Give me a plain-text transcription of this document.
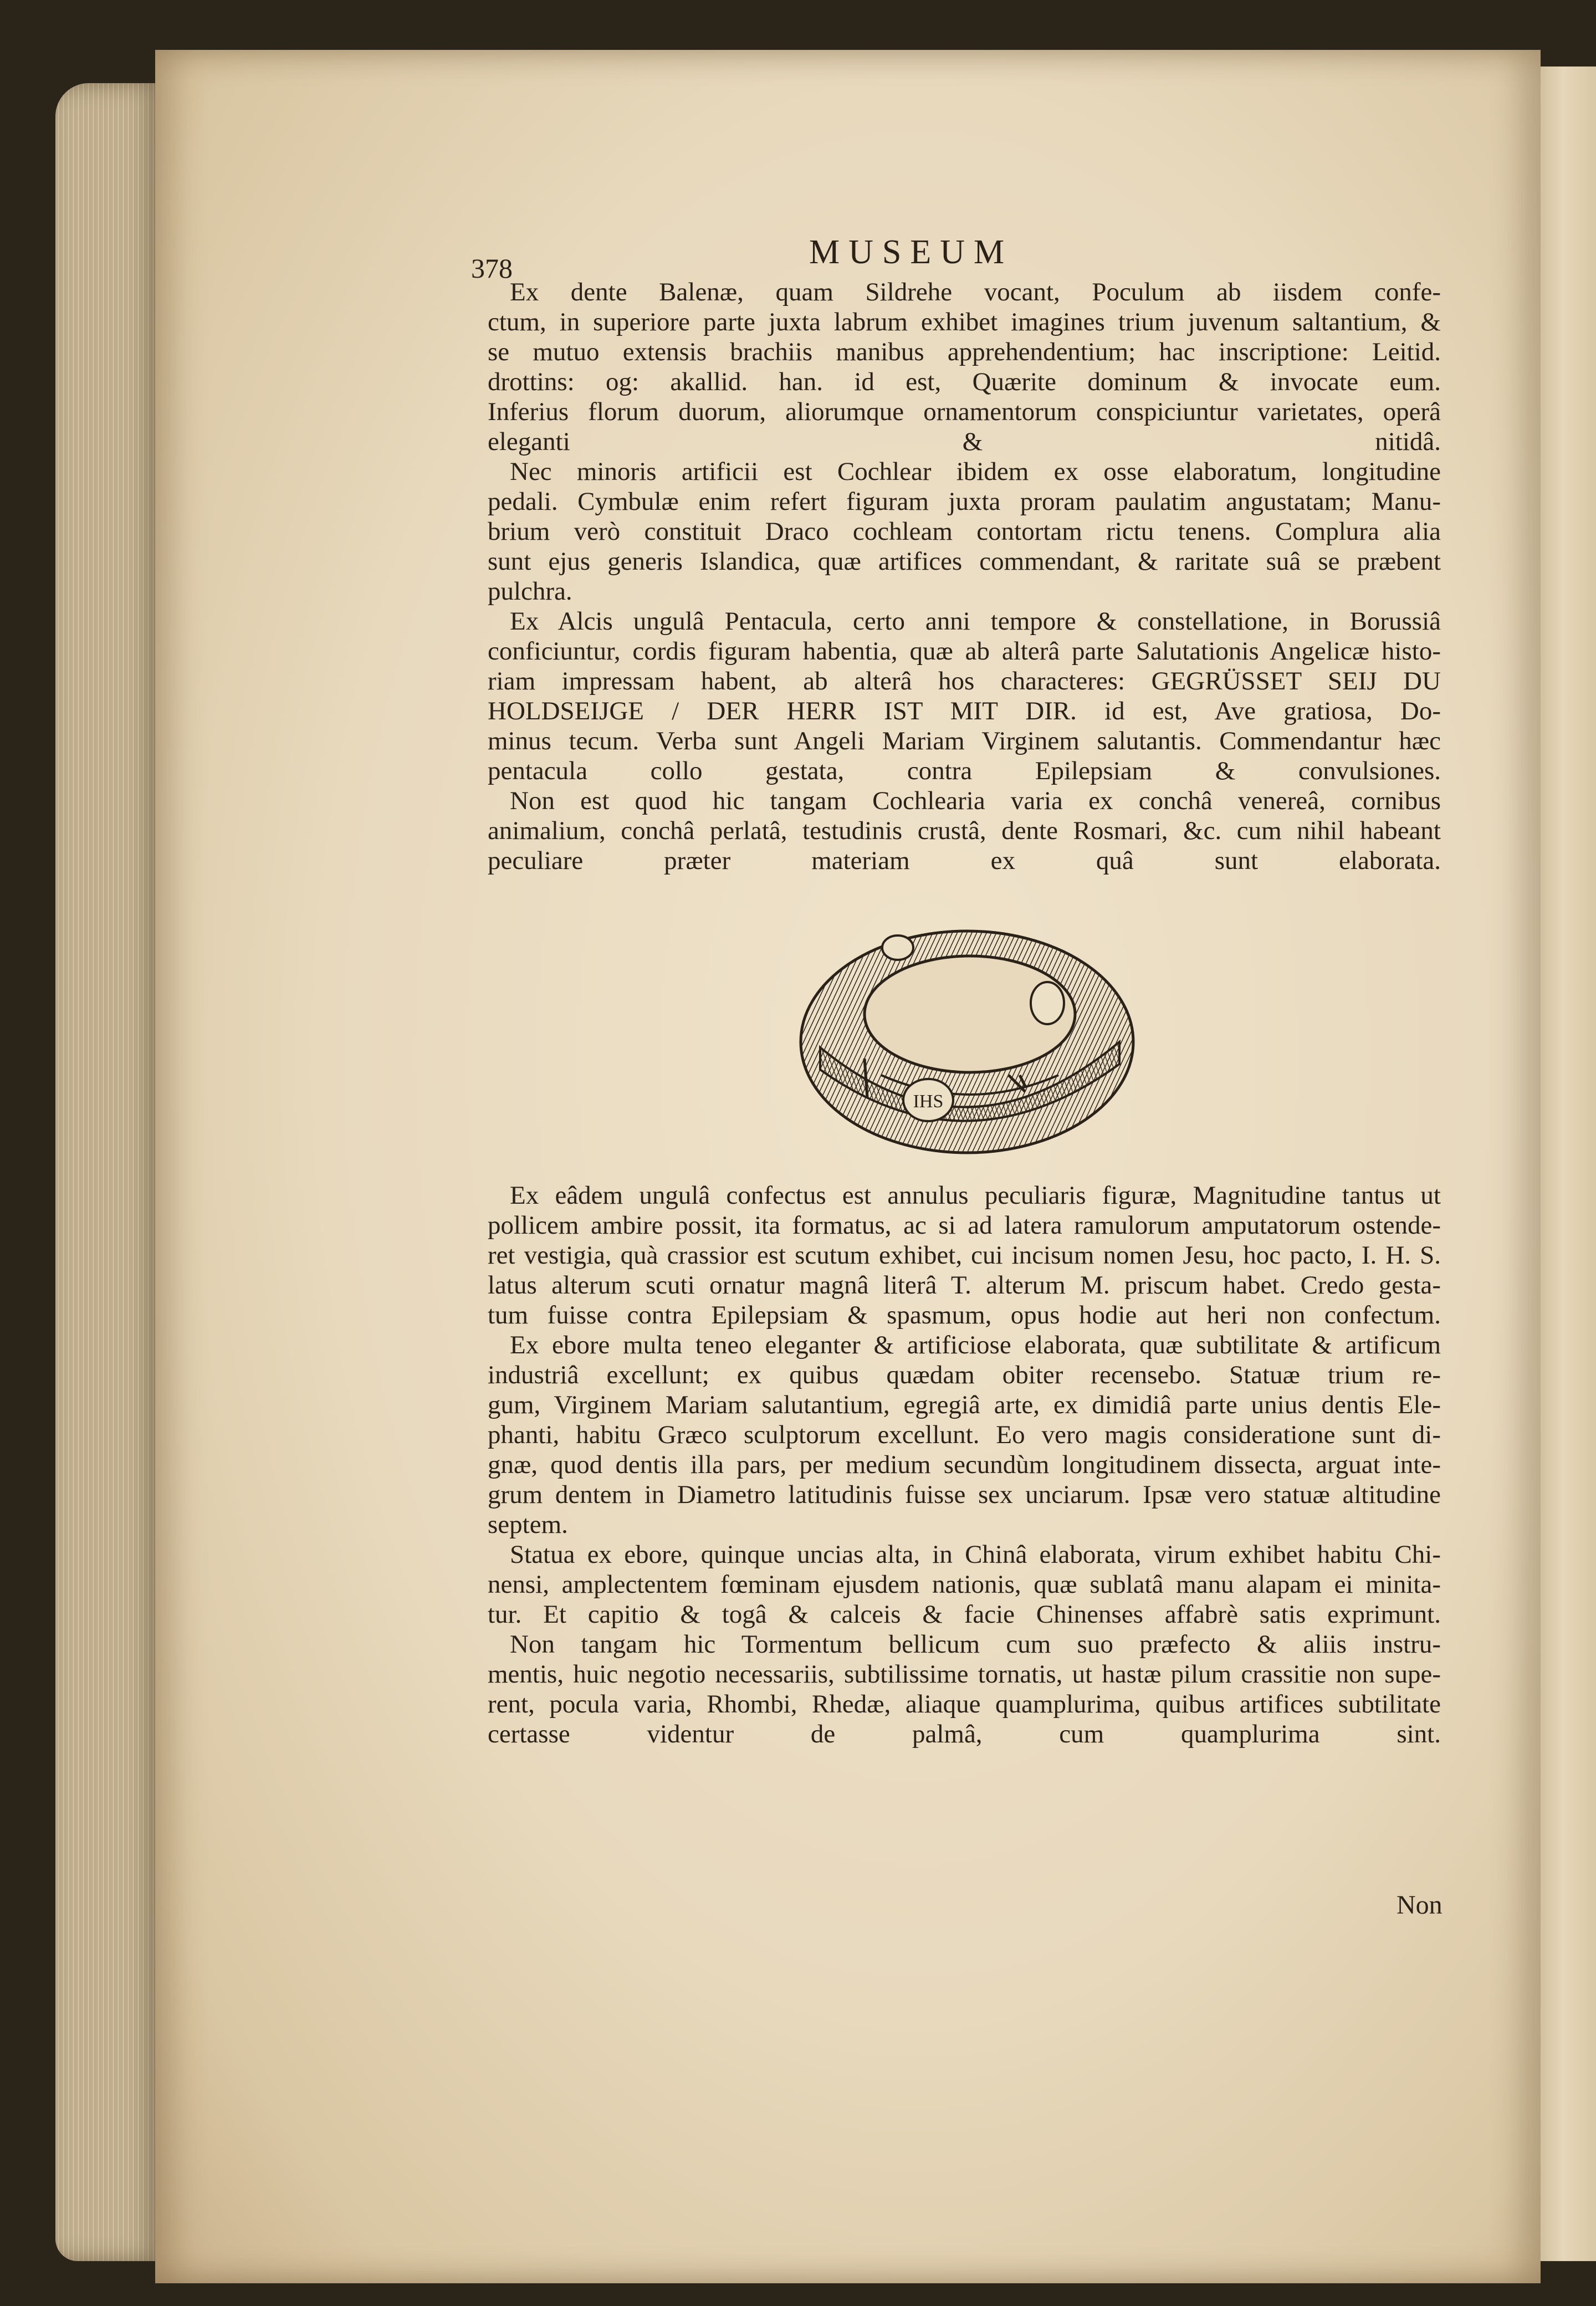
378	MUSEUM
Ex dente Balenæ, quam Sildrehe vocant, Poculum ab iisdem confe-
ctum, in superiore parte juxta labrum exhibet imagines trium juvenum saltantium, &
se mutuo extensis brachiis manibus apprehendentium; hac inscriptione: Leitid.
drottins: og: akallid. han. id est, Quærite dominum & invocate eum.
Inferius florum duorum, aliorumque ornamentorum conspiciuntur varietates, operâ
eleganti & nitidâ.
Nec minoris artificii est Cochlear ibidem ex osse elaboratum, longitudine
pedali. Cymbulæ enim refert figuram juxta proram paulatim angustatam; Manu-
brium verò constituit Draco cochleam contortam rictu tenens. Complura alia
sunt ejus generis Islandica, quæ artifices commendant, & raritate suâ se præbent
pulchra.
Ex Alcis ungulâ Pentacula, certo anni tempore & constellatione, in Borussiâ
conficiuntur, cordis figuram habentia, quæ ab alterâ parte Salutationis Angelicæ histo-
riam impressam habent, ab alterâ hos characteres: GEGRÜSSET SEIJ DU
HOLDSEIJGE / DER HERR IST MIT DIR. id est, Ave gratiosa, Do-
minus tecum. Verba sunt Angeli Mariam Virginem salutantis. Commendantur hæc
pentacula collo gestata, contra Epilepsiam & convulsiones.
Non est quod hic tangam Cochlearia varia ex conchâ venereâ, cornibus
animalium, conchâ perlatâ, testudinis crustâ, dente Rosmari, &c. cum nihil habeant
peculiare præter materiam ex quâ sunt elaborata.
IHS
Ex eâdem ungulâ confectus est annulus peculiaris figuræ, Magnitudine tantus ut
pollicem ambire possit, ita formatus, ac si ad latera ramulorum amputatorum ostende-
ret vestigia, quà crassior est scutum exhibet, cui incisum nomen Jesu, hoc pacto, I. H. S.
latus alterum scuti ornatur magnâ literâ T. alterum M. priscum habet. Credo gesta-
tum fuisse contra Epilepsiam & spasmum, opus hodie aut heri non confectum.
Ex ebore multa teneo eleganter & artificiose elaborata, quæ subtilitate & artificum
industriâ excellunt; ex quibus quædam obiter recensebo. Statuæ trium re-
gum, Virginem Mariam salutantium, egregiâ arte, ex dimidiâ parte unius dentis Ele-
phanti, habitu Græco sculptorum excellunt. Eo vero magis consideratione sunt di-
gnæ, quod dentis illa pars, per medium secundùm longitudinem dissecta, arguat inte-
grum dentem in Diametro latitudinis fuisse sex unciarum. Ipsæ vero statuæ altitudine
septem.
Statua ex ebore, quinque uncias alta, in Chinâ elaborata, virum exhibet habitu Chi-
nensi, amplectentem fœminam ejusdem nationis, quæ sublatâ manu alapam ei minita-
tur. Et capitio & togâ & calceis & facie Chinenses affabrè satis exprimunt.
Non tangam hic Tormentum bellicum cum suo præfecto & aliis instru-
mentis, huic negotio necessariis, subtilissime tornatis, ut hastæ pilum crassitie non supe-
rent, pocula varia, Rhombi, Rhedæ, aliaque quamplurima, quibus artifices subtilitate
certasse videntur de palmâ, cum quamplurima sint.
Non
